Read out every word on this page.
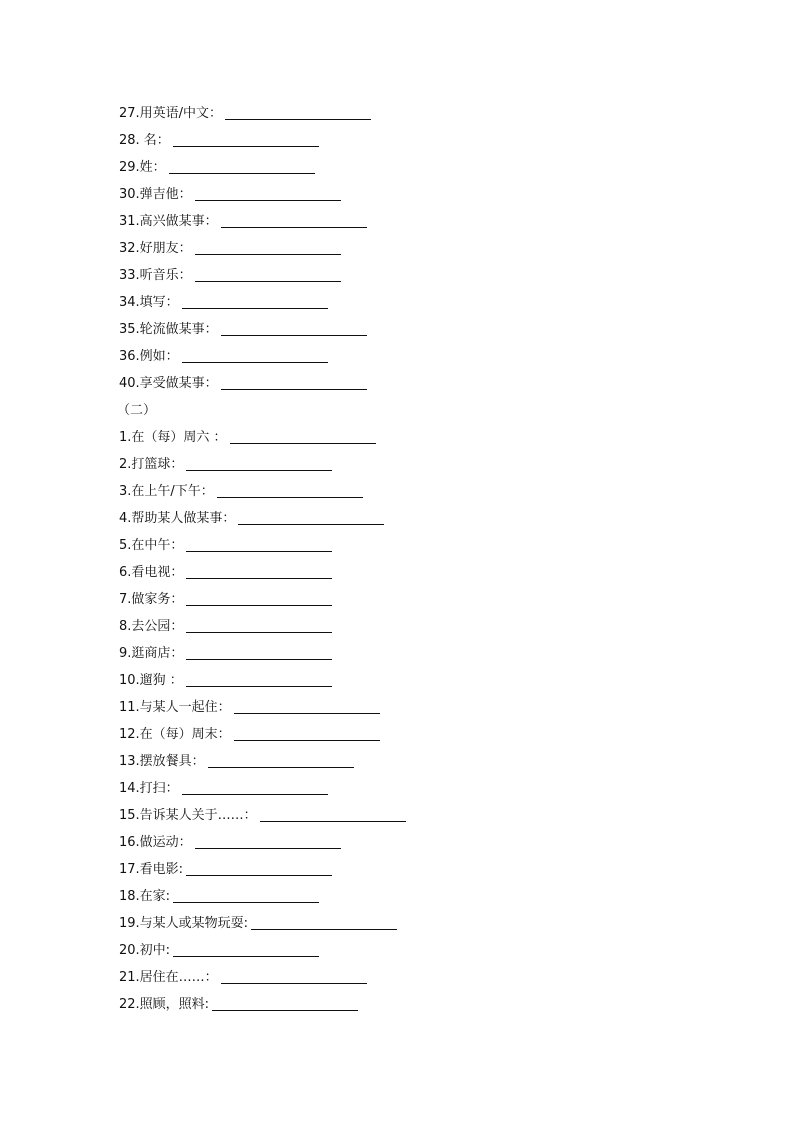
27.用英语/中文：
28. 名：
29.姓：
30.弹吉他：
31.高兴做某事：
32.好朋友：
33.听音乐：
34.填写：
35.轮流做某事：
36.例如：
40.享受做某事：
（二）
1.在（每）周六 ：
2.打篮球：
3.在上午/下午：
4.帮助某人做某事：
5.在中午：
6.看电视：
7.做家务：
8.去公园：
9.逛商店：
10.遛狗 ：
11.与某人一起住：
12.在（每）周末：
13.摆放餐具：
14.打扫：
15.告诉某人关于……：
16.做运动：
17.看电影:
18.在家:
19.与某人或某物玩耍:
20.初中:
21.居住在……：
22.照顾，照料:
